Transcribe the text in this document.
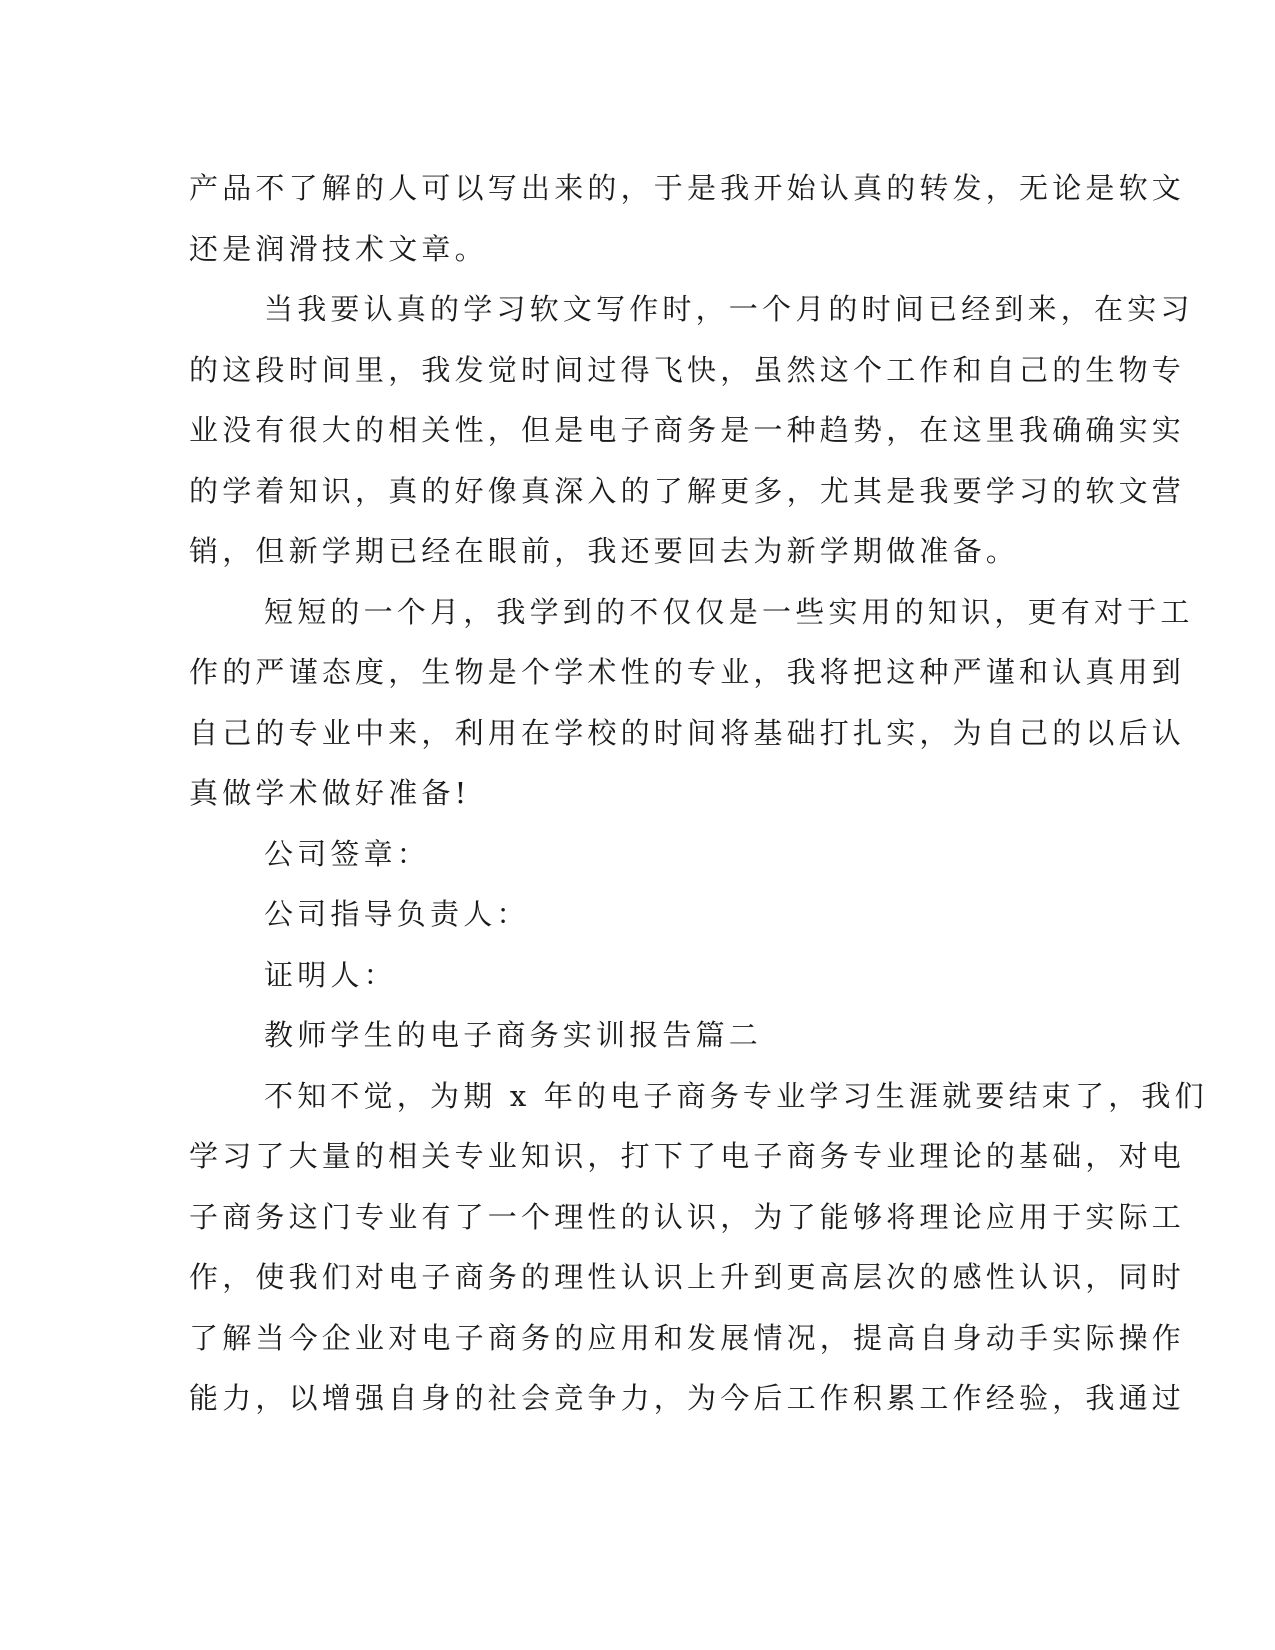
产品不了解的人可以写出来的，于是我开始认真的转发，无论是软文
还是润滑技术文章。
当我要认真的学习软文写作时，一个月的时间已经到来，在实习
的这段时间里，我发觉时间过得飞快，虽然这个工作和自己的生物专
业没有很大的相关性，但是电子商务是一种趋势，在这里我确确实实
的学着知识，真的好像真深入的了解更多，尤其是我要学习的软文营
销，但新学期已经在眼前，我还要回去为新学期做准备。
短短的一个月，我学到的不仅仅是一些实用的知识，更有对于工
作的严谨态度，生物是个学术性的专业，我将把这种严谨和认真用到
自己的专业中来，利用在学校的时间将基础打扎实，为自己的以后认
真做学术做好准备!
公司签章：
公司指导负责人：
证明人：
教师学生的电子商务实训报告篇二
不知不觉，为期 x 年的电子商务专业学习生涯就要结束了，我们
学习了大量的相关专业知识，打下了电子商务专业理论的基础，对电
子商务这门专业有了一个理性的认识，为了能够将理论应用于实际工
作，使我们对电子商务的理性认识上升到更高层次的感性认识，同时
了解当今企业对电子商务的应用和发展情况，提高自身动手实际操作
能力，以增强自身的社会竞争力，为今后工作积累工作经验，我通过
